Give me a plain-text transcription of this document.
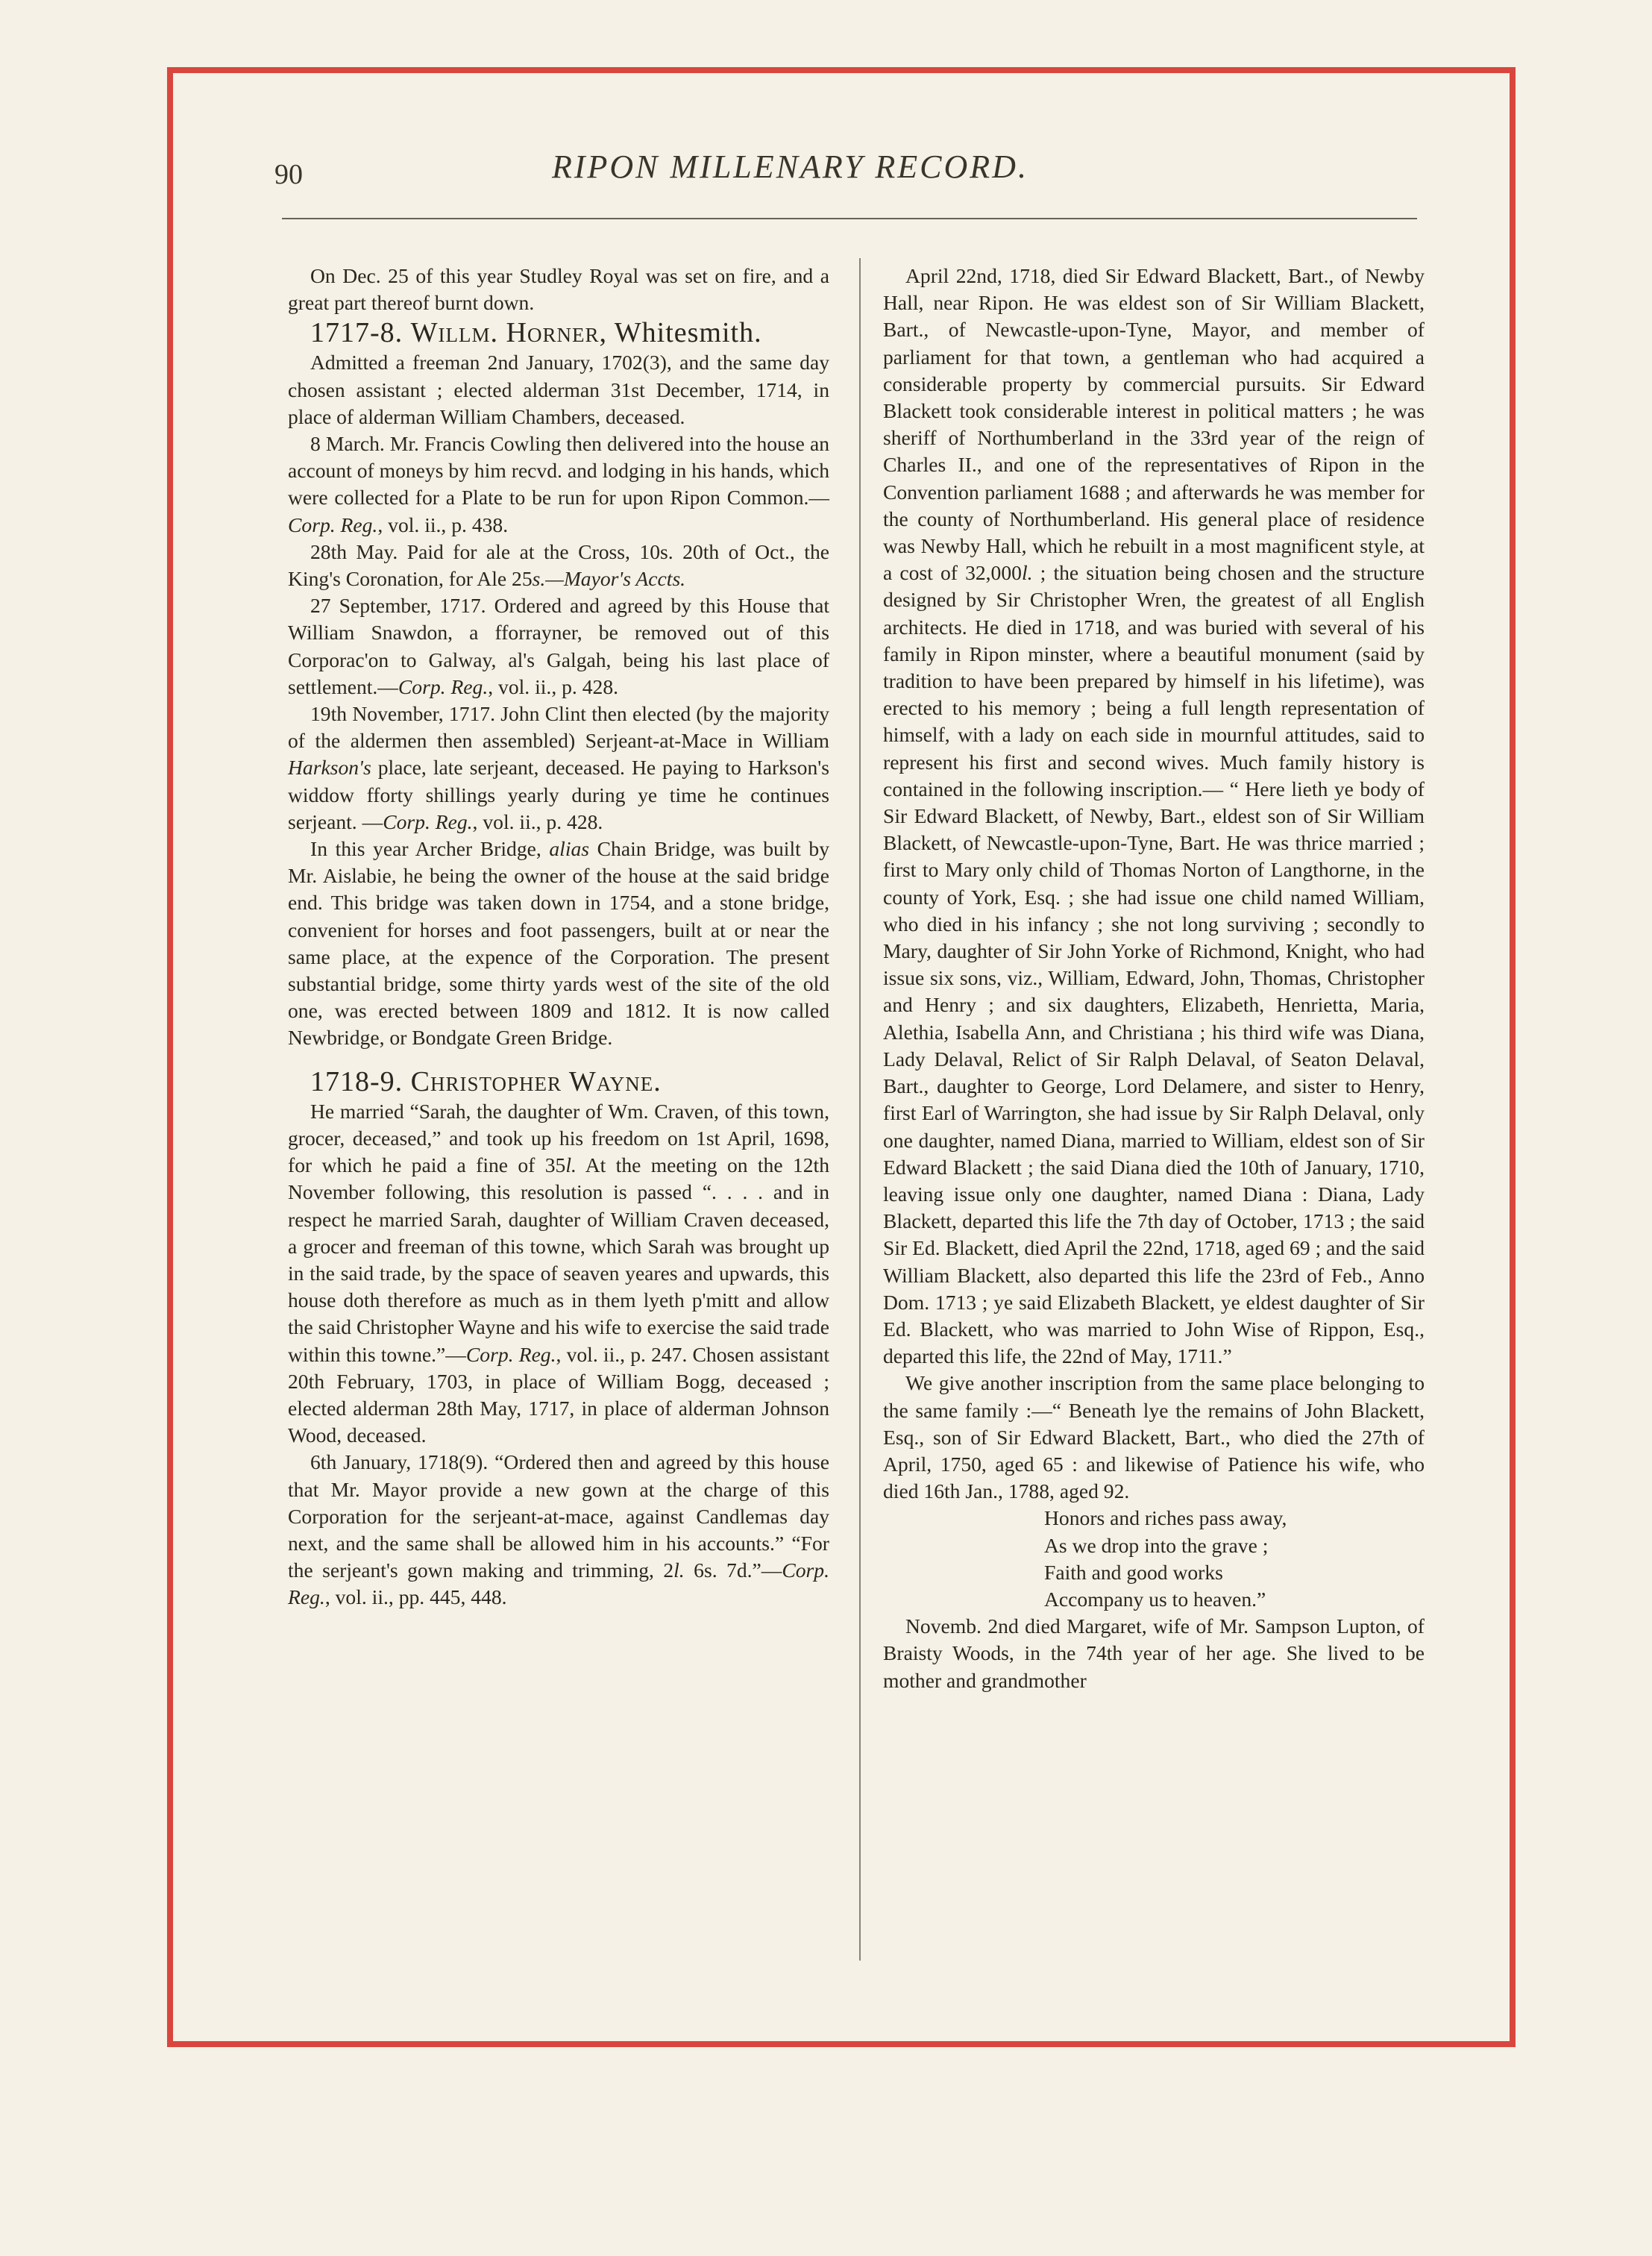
90	RIPON MILLENARY RECORD.

On Dec. 25 of this year Studley Royal was set on fire, and a great part thereof burnt down.

1717-8. Willm. Horner, Whitesmith.

Admitted a freeman 2nd January, 1702(3), and the same day chosen assistant ; elected alderman 31st December, 1714, in place of alderman William Chambers, deceased.

8 March. Mr. Francis Cowling then delivered into the house an account of moneys by him recvd. and lodging in his hands, which were collected for a Plate to be run for upon Ripon Common.—Corp. Reg., vol. ii., p. 438.

28th May. Paid for ale at the Cross, 10s. 20th of Oct., the King's Coronation, for Ale 25s.—Mayor's Accts.

27 September, 1717. Ordered and agreed by this House that William Snawdon, a fforrayner, be removed out of this Corporac'on to Galway, al's Galgah, being his last place of settlement.—Corp. Reg., vol. ii., p. 428.

19th November, 1717. John Clint then elected (by the majority of the aldermen then assembled) Serjeant-at-Mace in William Harkson's place, late serjeant, deceased. He paying to Harkson's widdow fforty shillings yearly during ye time he continues serjeant. —Corp. Reg., vol. ii., p. 428.

In this year Archer Bridge, alias Chain Bridge, was built by Mr. Aislabie, he being the owner of the house at the said bridge end. This bridge was taken down in 1754, and a stone bridge, convenient for horses and foot passengers, built at or near the same place, at the expence of the Corporation. The present substantial bridge, some thirty yards west of the site of the old one, was erected between 1809 and 1812. It is now called Newbridge, or Bondgate Green Bridge.

1718-9. Christopher Wayne.

He married “Sarah, the daughter of Wm. Craven, of this town, grocer, deceased,” and took up his freedom on 1st April, 1698, for which he paid a fine of 35l. At the meeting on the 12th November following, this resolution is passed “. . . . and in respect he married Sarah, daughter of William Craven deceased, a grocer and freeman of this towne, which Sarah was brought up in the said trade, by the space of seaven yeares and upwards, this house doth therefore as much as in them lyeth p'mitt and allow the said Christopher Wayne and his wife to exercise the said trade within this towne.”—Corp. Reg., vol. ii., p. 247. Chosen assistant 20th February, 1703, in place of William Bogg, deceased ; elected alderman 28th May, 1717, in place of alderman Johnson Wood, deceased.

6th January, 1718(9). “Ordered then and agreed by this house that Mr. Mayor provide a new gown at the charge of this Corporation for the serjeant-at-mace, against Candlemas day next, and the same shall be allowed him in his accounts.” “For the serjeant's gown making and trimming, 2l. 6s. 7d.”—Corp. Reg., vol. ii., pp. 445, 448.

April 22nd, 1718, died Sir Edward Blackett, Bart., of Newby Hall, near Ripon. He was eldest son of Sir William Blackett, Bart., of Newcastle-upon-Tyne, Mayor, and member of parliament for that town, a gentleman who had acquired a considerable property by commercial pursuits. Sir Edward Blackett took considerable interest in political matters ; he was sheriff of Northumberland in the 33rd year of the reign of Charles II., and one of the representatives of Ripon in the Convention parliament 1688 ; and afterwards he was member for the county of Northumberland. His general place of residence was Newby Hall, which he rebuilt in a most magnificent style, at a cost of 32,000l. ; the situation being chosen and the structure designed by Sir Christopher Wren, the greatest of all English architects. He died in 1718, and was buried with several of his family in Ripon minster, where a beautiful monument (said by tradition to have been prepared by himself in his lifetime), was erected to his memory ; being a full length representation of himself, with a lady on each side in mournful attitudes, said to represent his first and second wives. Much family history is contained in the following inscription.— “ Here lieth ye body of Sir Edward Blackett, of Newby, Bart., eldest son of Sir William Blackett, of Newcastle-upon-Tyne, Bart. He was thrice married ; first to Mary only child of Thomas Norton of Langthorne, in the county of York, Esq. ; she had issue one child named William, who died in his infancy ; she not long surviving ; secondly to Mary, daughter of Sir John Yorke of Richmond, Knight, who had issue six sons, viz., William, Edward, John, Thomas, Christopher and Henry ; and six daughters, Elizabeth, Henrietta, Maria, Alethia, Isabella Ann, and Christiana ; his third wife was Diana, Lady Delaval, Relict of Sir Ralph Delaval, of Seaton Delaval, Bart., daughter to George, Lord Delamere, and sister to Henry, first Earl of Warrington, she had issue by Sir Ralph Delaval, only one daughter, named Diana, married to William, eldest son of Sir Edward Blackett ; the said Diana died the 10th of January, 1710, leaving issue only one daughter, named Diana : Diana, Lady Blackett, departed this life the 7th day of October, 1713 ; the said Sir Ed. Blackett, died April the 22nd, 1718, aged 69 ; and the said William Blackett, also departed this life the 23rd of Feb., Anno Dom. 1713 ; ye said Elizabeth Blackett, ye eldest daughter of Sir Ed. Blackett, who was married to John Wise of Rippon, Esq., departed this life, the 22nd of May, 1711.”

We give another inscription from the same place belonging to the same family :—“ Beneath lye the remains of John Blackett, Esq., son of Sir Edward Blackett, Bart., who died the 27th of April, 1750, aged 65 : and likewise of Patience his wife, who died 16th Jan., 1788, aged 92.

Honors and riches pass away,

As we drop into the grave ;

Faith and good works

Accompany us to heaven.”

Novemb. 2nd died Margaret, wife of Mr. Sampson Lupton, of Braisty Woods, in the 74th year of her age. She lived to be mother and grandmother
